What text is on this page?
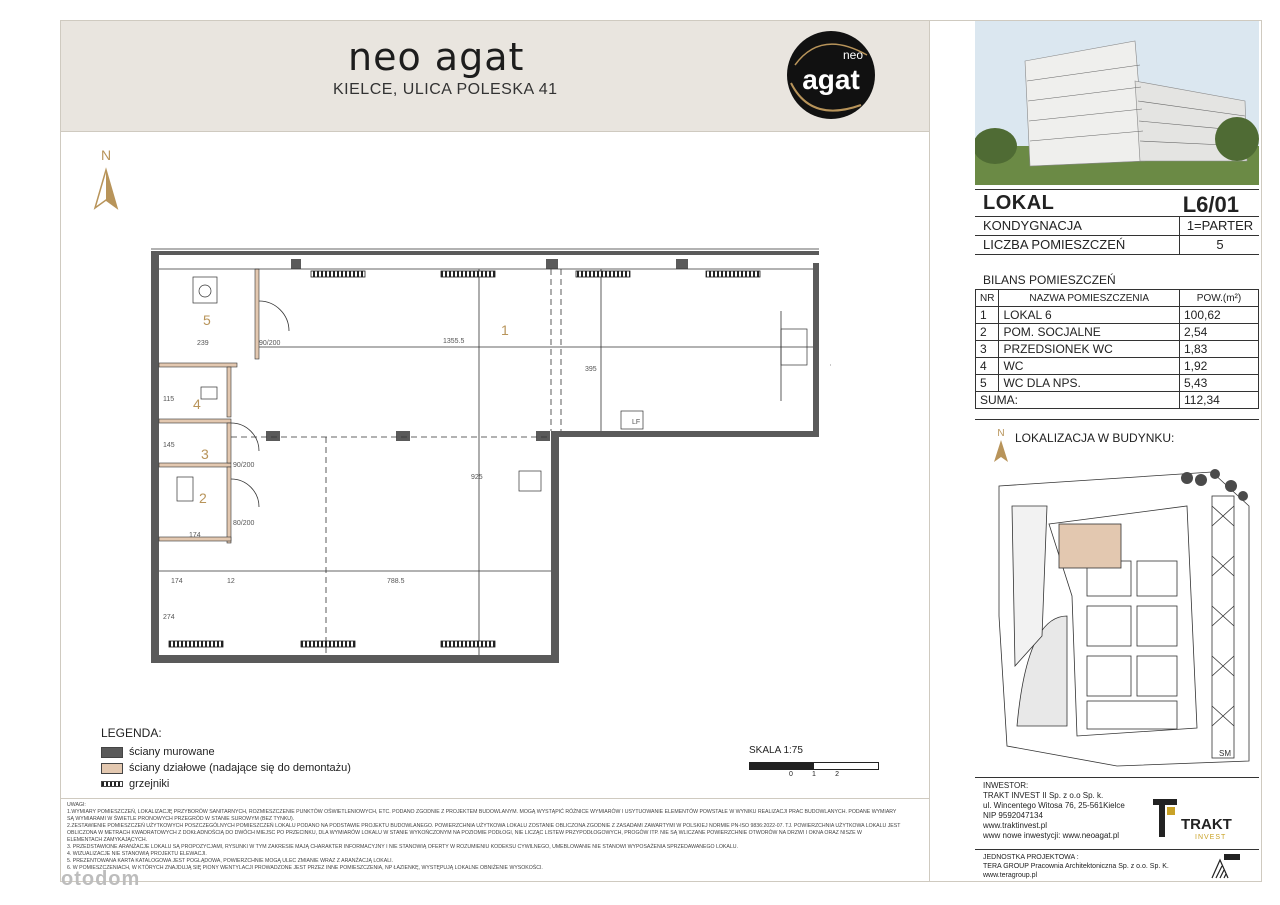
neo agat
KIELCE, ULICA POLESKA 41
neo
agat
N
1
2
3
4
5
1355.5
239
174
174	12	788.5
274
395
925
115
145
90/200
90/200
80/200
LF
LEGENDA:
ściany murowane
ściany działowe (nadające się do demontażu)
grzejniki
SKALA 1:75
0	1	2
UWAGI:
1.WYMIARY POMIESZCZEŃ, LOKALIZACJĘ PRZYBORÓW SANITARNYCH, ROZMIESZCZENIE PUNKTÓW OŚWIETLENIOWYCH, ETC. PODANO ZGODNIE Z PROJEKTEM BUDOWLANYM. MOGĄ WYSTĄPIĆ RÓŻNICE WYMIARÓW I USYTUOWANIE ELEMENTÓW POWSTAŁE W WYNIKU REALIZACJI PRAC BUDOWLANYCH. PODANE WYMIARY
SĄ WYMIARAMI W ŚWIETLE PRONOWYCH PRZEGRÓD W STANIE SUROWYM (BEZ TYNKU).
2.ZESTAWIENIE POMIESZCZEŃ UŻYTKOWYCH POSZCZEGÓLNYCH POMIESZCZEŃ LOKALU PODANO NA PODSTAWIE PROJEKTU BUDOWLANEGO. POWIERZCHNIA UŻYTKOWA LOKALU ZOSTANIE OBLICZONA ZGODNIE Z ZASADAMI ZAWARTYMI W POLSKIEJ NORMIE PN-ISO 9836:2022-07. TJ. POWIERZCHNIA UŻYTKOWA LOKALU JEST
OBLICZONA W METRACH KWADRATOWYCH Z DOKŁADNOŚCIĄ DO DWÓCH MIEJSC PO PRZECINKU, DLA WYMIARÓW LOKALU W STANIE WYKOŃCZONYM NA POZIOMIE PODŁOGI, NIE LICZĄC LISTEW PRZYPODŁOGOWYCH, PROGÓW ITP. NIE SĄ WLICZANE POWIERZCHNIE OTWORÓW NA DRZWI I OKNA ORAZ NISZE W
ELEMENTACH ZAMYKAJĄCYCH.
3. PRZEDSTAWIONE ARANŻACJE LOKALU SĄ PROPOZYCJAMI, RYSUNKI W TYM ZAKRESIE MAJĄ CHARAKTER INFORMACYJNY I NIE STANOWIĄ OFERTY W ROZUMIENIU KODEKSU CYWILNEGO, UMEBLOWANIE NIE STANOWI WYPOSAŻENIA SPRZEDAWANEGO LOKALU.
4. WIZUALIZACJE NIE STANOWIĄ PROJEKTU ELEWACJI.
5. PREZENTOWANA KARTA KATALOGOWA JEST POGLĄDOWA, POWIERZCHNIE MOGĄ ULEC ZMIANIE WRAZ Z ARANŻACJĄ LOKALI.
6. W POMIESZCZENIACH, W KTÓRYCH ZNAJDUJĄ SIĘ PIONY WENTYLACJI PROWADZONE JEST PRZEZ INNE POMIESZCZENIA, NP ŁAZIENKĘ, WYSTĘPUJĄ LOKALNE OBNIŻENIE WYSOKOŚCI.
otodom
LOKAL	L6/01
KONDYGNACJA	1=PARTER
LICZBA POMIESZCZEŃ	5
BILANS POMIESZCZEŃ
NR	NAZWA POMIESZCZENIA	POW.(m²)
1	LOKAL 6	100,62
2	POM. SOCJALNE	2,54
3	PRZEDSIONEK WC	1,83
4	WC	1,92
5	WC DLA NPS.	5,43
SUMA:		112,34
N LOKALIZACJA W BUDYNKU:
SM
INWESTOR:
TRAKT INVEST II Sp. z o.o Sp. k.
ul. Wincentego Witosa 76, 25-561Kielce
NIP 9592047134
www.traktinvest.pl
www nowe inwestycji: www.neoagat.pl
TRAKT
INVEST
JEDNOSTKA PROJEKTOWA :
TERA GROUP Pracownia Architektoniczna Sp. z o.o. Sp. K.
www.teragroup.pl
